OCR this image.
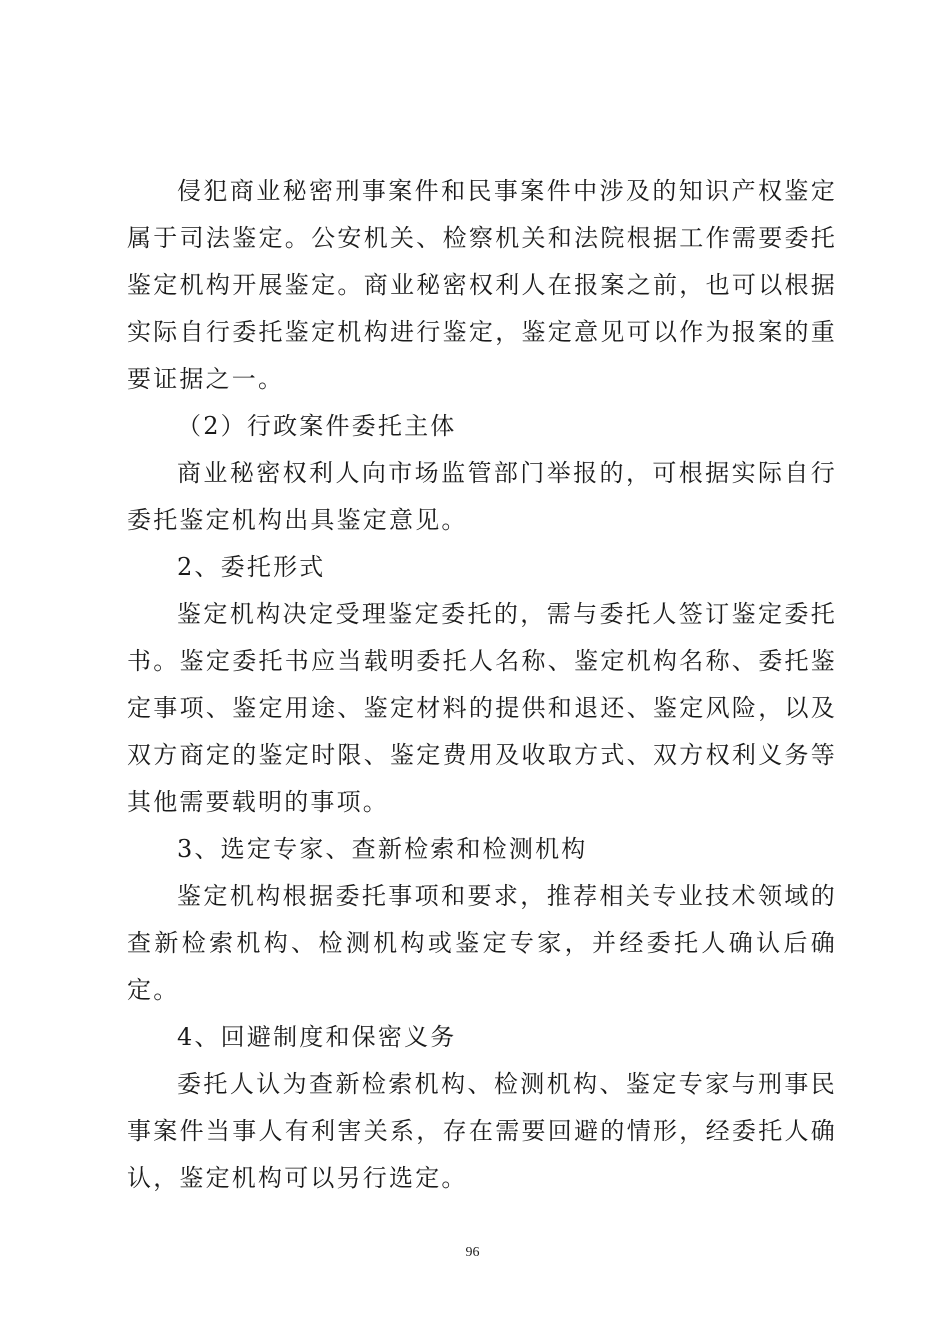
侵犯商业秘密刑事案件和民事案件中涉及的知识产权鉴定属于司法鉴定。公安机关、检察机关和法院根据工作需要委托鉴定机构开展鉴定。商业秘密权利人在报案之前，也可以根据实际自行委托鉴定机构进行鉴定，鉴定意见可以作为报案的重要证据之一。

（2）行政案件委托主体

商业秘密权利人向市场监管部门举报的，可根据实际自行委托鉴定机构出具鉴定意见。

2、委托形式

鉴定机构决定受理鉴定委托的，需与委托人签订鉴定委托书。鉴定委托书应当载明委托人名称、鉴定机构名称、委托鉴定事项、鉴定用途、鉴定材料的提供和退还、鉴定风险，以及双方商定的鉴定时限、鉴定费用及收取方式、双方权利义务等其他需要载明的事项。

3、选定专家、查新检索和检测机构

鉴定机构根据委托事项和要求，推荐相关专业技术领域的查新检索机构、检测机构或鉴定专家，并经委托人确认后确定。

4、回避制度和保密义务

委托人认为查新检索机构、检测机构、鉴定专家与刑事民事案件当事人有利害关系，存在需要回避的情形，经委托人确认，鉴定机构可以另行选定。

96
